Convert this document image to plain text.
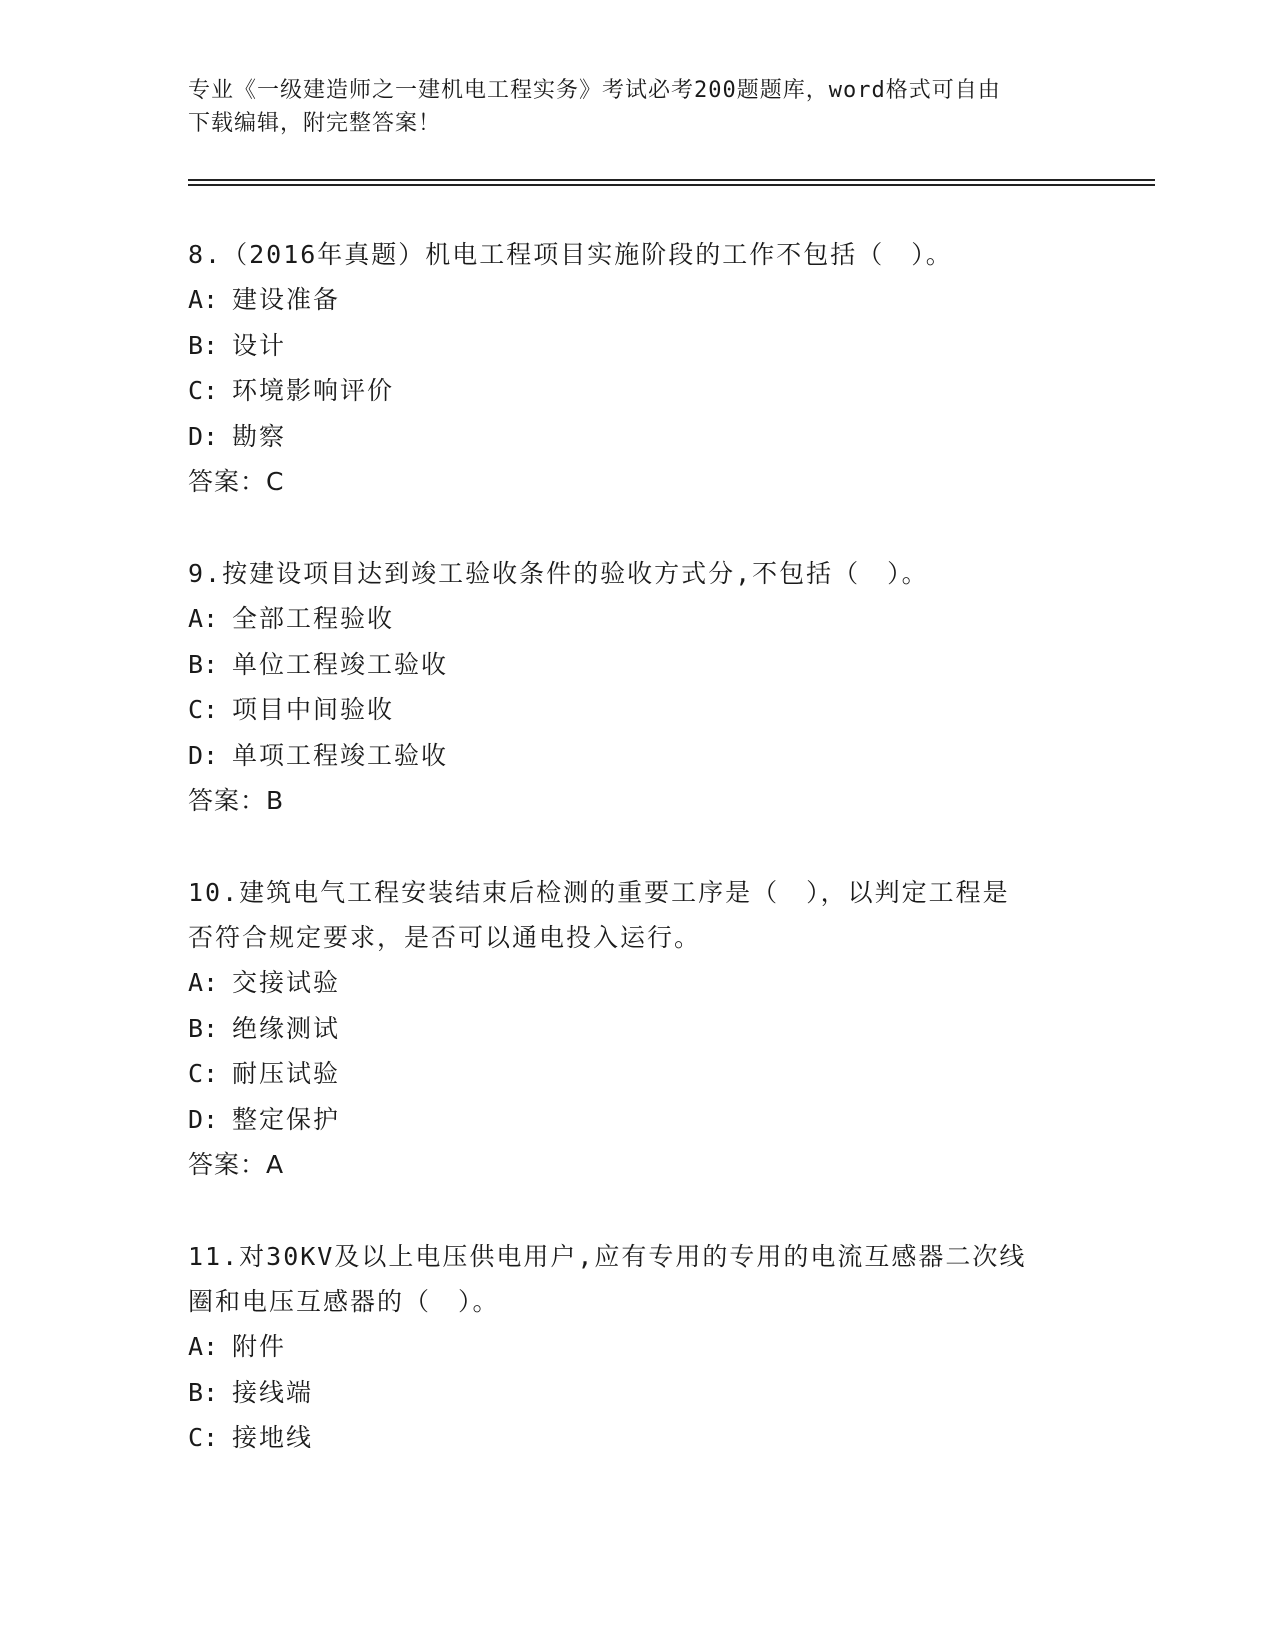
专业《一级建造师之一建机电工程实务》考试必考200题题库，word格式可自由
下载编辑，附完整答案！

8.（2016年真题）机电工程项目实施阶段的工作不包括（　）。

A: 建设准备

B: 设计

C: 环境影响评价

D: 勘察

答案：C

9.按建设项目达到竣工验收条件的验收方式分,不包括（　）。

A: 全部工程验收

B: 单位工程竣工验收

C: 项目中间验收

D: 单项工程竣工验收

答案：B

10.建筑电气工程安装结束后检测的重要工序是（　），以判定工程是

否符合规定要求，是否可以通电投入运行。

A: 交接试验

B: 绝缘测试

C: 耐压试验

D: 整定保护

答案：A

11.对30KV及以上电压供电用户,应有专用的专用的电流互感器二次线

圈和电压互感器的（　）。

A: 附件

B: 接线端

C: 接地线
